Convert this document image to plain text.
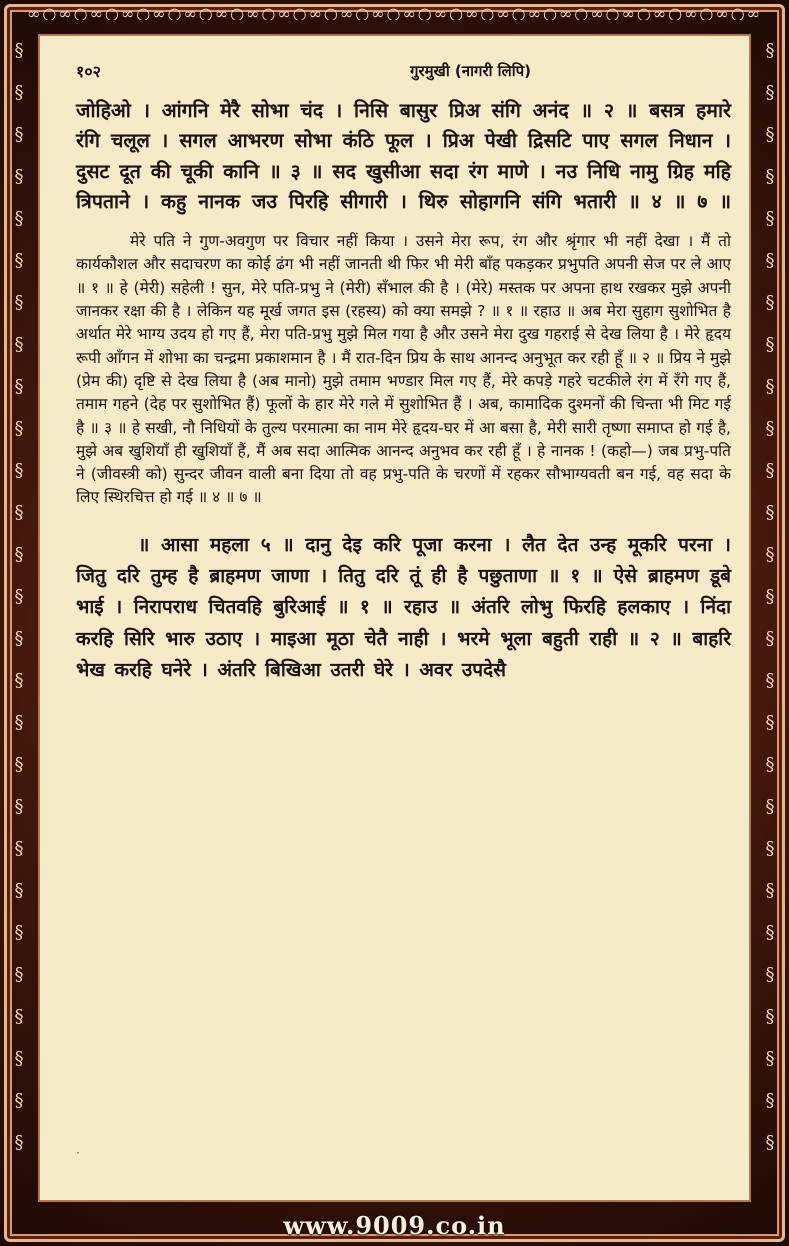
∞○∞○∞○∞○∞○∞○∞○∞○∞○∞○∞○∞○∞○∞○∞○∞○∞○∞○∞○∞○∞○∞○∞○∞
§
§
§
§
§
§
§
§
§
§
§
§
§
§
§
§
§
§
§
§
§
§
§
§
§
§
§
§
§
§
§
§
§
§
§
§
§
§
§
§
§
§
§
§
§
§
§
§
§
§
§
§
§
§
१०२	गुरमुखी (नागरी लिपि)
जोहिओ । आंगनि मेरै सोभा चंद । निसि बासुर प्रिअ संगि अनंद ॥ २ ॥ बसत्र हमारे रंगि चलूल । सगल आभरण सोभा कंठि फूल । प्रिअ पेखी द्रिसटि पाए सगल निधान । दुसट दूत की चूकी कानि ॥ ३ ॥ सद खुसीआ सदा रंग माणे । नउ निधि नामु ग्रिह महि त्रिपताने । कहु नानक जउ पिरहि सीगारी । थिरु सोहागनि संगि भतारी ॥ ४ ॥ ७ ॥
मेरे पति ने गुण-अवगुण पर विचार नहीं किया । उसने मेरा रूप, रंग और श्रृंगार भी नहीं देखा । मैं तो कार्यकौशल और सदाचरण का कोई ढंग भी नहीं जानती थी फिर भी मेरी बाँह पकड़कर प्रभुपति अपनी सेज पर ले आए ॥ १ ॥ हे (मेरी) सहेली ! सुन, मेरे पति-प्रभु ने (मेरी) सँभाल की है । (मेरे) मस्तक पर अपना हाथ रखकर मुझे अपनी जानकर रक्षा की है । लेकिन यह मूर्ख जगत इस (रहस्य) को क्या समझे ? ॥ १ ॥ रहाउ ॥ अब मेरा सुहाग सुशोभित है अर्थात मेरे भाग्य उदय हो गए हैं, मेरा पति-प्रभु मुझे मिल गया है और उसने मेरा दुख गहराई से देख लिया है । मेरे हृदय रूपी आँगन में शोभा का चन्द्रमा प्रकाशमान है । मैं रात-दिन प्रिय के साथ आनन्द अनुभूत कर रही हूँ ॥ २ ॥ प्रिय ने मुझे (प्रेम की) दृष्टि से देख लिया है (अब मानो) मुझे तमाम भण्डार मिल गए हैं, मेरे कपड़े गहरे चटकीले रंग में रँगे गए हैं, तमाम गहने (देह पर सुशोभित हैं) फूलों के हार मेरे गले में सुशोभित हैं । अब, कामादिक दुश्मनों की चिन्ता भी मिट गई है ॥ ३ ॥ हे सखी, नौ निधियों के तुल्य परमात्मा का नाम मेरे हृदय-घर में आ बसा है, मेरी सारी तृष्णा समाप्त हो गई है, मुझे अब खुशियाँ ही खुशियाँ हैं, मैं अब सदा आत्मिक आनन्द अनुभव कर रही हूँ । हे नानक ! (कहो—) जब प्रभु-पति ने (जीवस्त्री को) सुन्दर जीवन वाली बना दिया तो वह प्रभु-पति के चरणों में रहकर सौभाग्यवती बन गई, वह सदा के लिए स्थिरचित्त हो गई ॥ ४ ॥ ७ ॥
॥ आसा महला ५ ॥ दानु देइ करि पूजा करना । लैत देत उन्ह मूकरि परना । जितु दरि तुम्ह है ब्राहमण जाणा । तितु दरि तूं ही है पछुताणा ॥ १ ॥ ऐसे ब्राहमण डूबे भाई । निरापराध चितवहि बुरिआई ॥ १ ॥ रहाउ ॥ अंतरि लोभु फिरहि हलकाए । निंदा करहि सिरि भारु उठाए । माइआ मूठा चेतै नाही । भरमे भूला बहुती राही ॥ २ ॥ बाहरि भेख करहि घनेरे । अंतरि बिखिआ उतरी घेरे । अवर उपदेसै
·
www.9009.co.in
